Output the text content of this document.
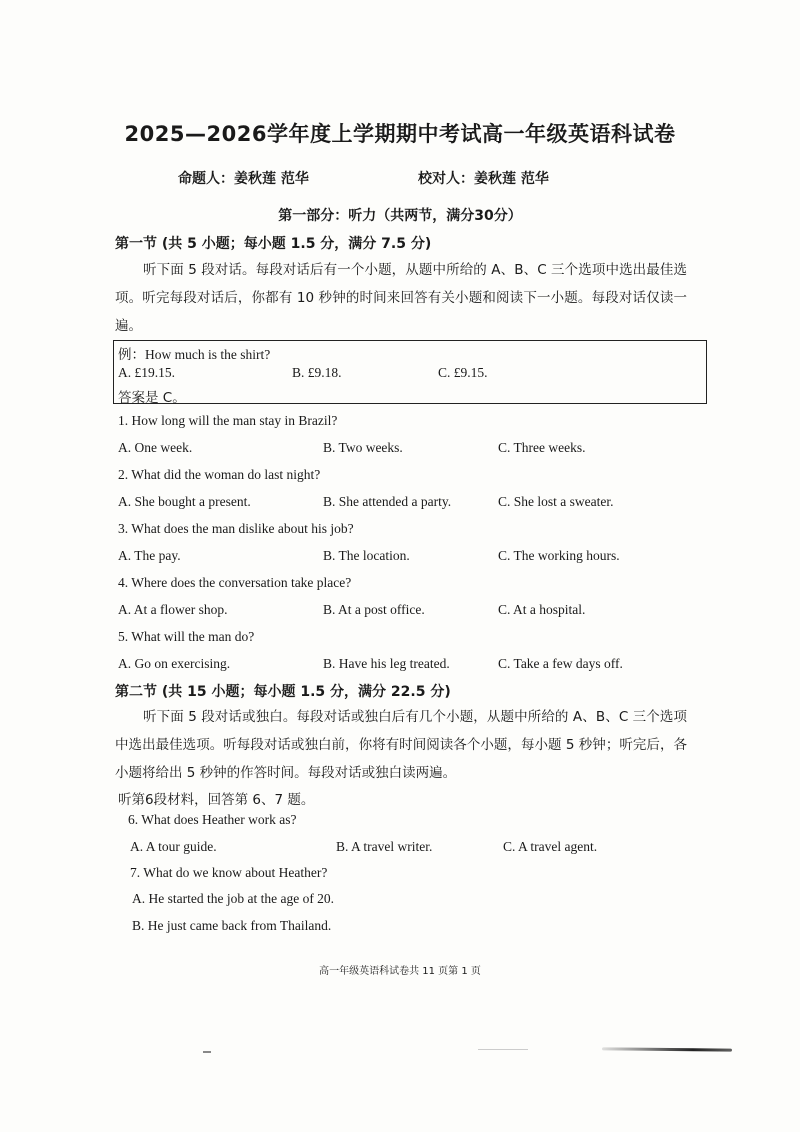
2025—2026学年度上学期期中考试高一年级英语科试卷
命题人：姜秋莲 范华	校对人：姜秋莲 范华
第一部分：听力（共两节，满分30分）
第一节 (共 5 小题；每小题 1.5 分，满分 7.5 分)
听下面 5 段对话。每段对话后有一个小题，从题中所给的 A、B、C 三个选项中选出最佳选项。听完每段对话后，你都有 10 秒钟的时间来回答有关小题和阅读下一小题。每段对话仅读一遍。
例：How much is the shirt?
A. £19.15.	B. £9.18.	C. £9.15.
答案是 C。
1. How long will the man stay in Brazil?
A. One week.	B. Two weeks.	C. Three weeks.
2. What did the woman do last night?
A. She bought a present.	B. She attended a party.	C. She lost a sweater.
3. What does the man dislike about his job?
A. The pay.	B. The location.	C. The working hours.
4. Where does the conversation take place?
A. At a flower shop.	B. At a post office.	C. At a hospital.
5. What will the man do?
A. Go on exercising.	B. Have his leg treated.	C. Take a few days off.
第二节 (共 15 小题；每小题 1.5 分，满分 22.5 分)
听下面 5 段对话或独白。每段对话或独白后有几个小题，从题中所给的 A、B、C 三个选项中选出最佳选项。听每段对话或独白前，你将有时间阅读各个小题，每小题 5 秒钟；听完后，各小题将给出 5 秒钟的作答时间。每段对话或独白读两遍。
听第6段材料，回答第 6、7 题。
6. What does Heather work as?
A. A tour guide.	B. A travel writer.	C. A travel agent.
7. What do we know about Heather?
A. He started the job at the age of 20.
B. He just came back from Thailand.
高一年级英语科试卷共 11 页第 1 页
